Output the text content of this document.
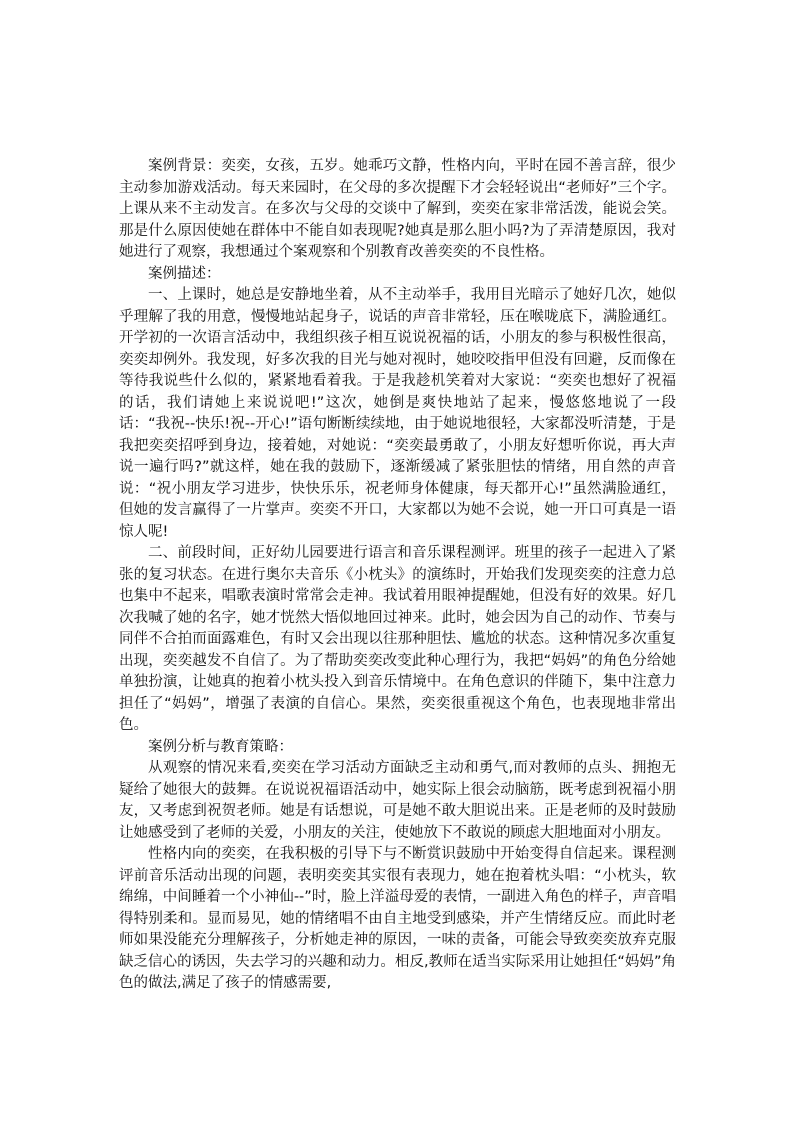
案例背景：奕奕，女孩，五岁。她乖巧文静，性格内向，平时在园不善言辞，很少主动参加游戏活动。每天来园时，在父母的多次提醒下才会轻轻说出“老师好”三个字。上课从来不主动发言。在多次与父母的交谈中了解到，奕奕在家非常活泼，能说会笑。那是什么原因使她在群体中不能自如表现呢?她真是那么胆小吗?为了弄清楚原因，我对她进行了观察，我想通过个案观察和个别教育改善奕奕的不良性格。

案例描述：

一、上课时，她总是安静地坐着，从不主动举手，我用目光暗示了她好几次，她似乎理解了我的用意，慢慢地站起身子，说话的声音非常轻，压在喉咙底下，满脸通红。开学初的一次语言活动中，我组织孩子相互说说祝福的话，小朋友的参与积极性很高，奕奕却例外。我发现，好多次我的目光与她对视时，她咬咬指甲但没有回避，反而像在等待我说些什么似的，紧紧地看着我。于是我趁机笑着对大家说：“奕奕也想好了祝福的话，我们请她上来说说吧!”这次，她倒是爽快地站了起来，慢悠悠地说了一段话：“我祝--快乐!祝--开心!”语句断断续续地，由于她说地很轻，大家都没听清楚，于是我把奕奕招呼到身边，接着她，对她说：“奕奕最勇敢了，小朋友好想听你说，再大声说一遍行吗?”就这样，她在我的鼓励下，逐渐缓减了紧张胆怯的情绪，用自然的声音说：“祝小朋友学习进步，快快乐乐，祝老师身体健康，每天都开心!”虽然满脸通红，但她的发言赢得了一片掌声。奕奕不开口，大家都以为她不会说，她一开口可真是一语惊人呢!

二、前段时间，正好幼儿园要进行语言和音乐课程测评。班里的孩子一起进入了紧张的复习状态。在进行奥尔夫音乐《小枕头》的演练时，开始我们发现奕奕的注意力总也集中不起来，唱歌表演时常常会走神。我试着用眼神提醒她，但没有好的效果。好几次我喊了她的名字，她才恍然大悟似地回过神来。此时，她会因为自己的动作、节奏与同伴不合拍而面露难色，有时又会出现以往那种胆怯、尴尬的状态。这种情况多次重复出现，奕奕越发不自信了。为了帮助奕奕改变此种心理行为，我把“妈妈”的角色分给她单独扮演，让她真的抱着小枕头投入到音乐情境中。在角色意识的伴随下，集中注意力担任了“妈妈”，增强了表演的自信心。果然，奕奕很重视这个角色，也表现地非常出色。

案例分析与教育策略：

从观察的情况来看,奕奕在学习活动方面缺乏主动和勇气,而对教师的点头、拥抱无疑给了她很大的鼓舞。在说说祝福语活动中，她实际上很会动脑筋，既考虑到祝福小朋友，又考虑到祝贺老师。她是有话想说，可是她不敢大胆说出来。正是老师的及时鼓励让她感受到了老师的关爱，小朋友的关注，使她放下不敢说的顾虑大胆地面对小朋友。

性格内向的奕奕，在我积极的引导下与不断赏识鼓励中开始变得自信起来。课程测评前音乐活动出现的问题，表明奕奕其实很有表现力，她在抱着枕头唱：“小枕头，软绵绵，中间睡着一个小神仙--”时，脸上洋溢母爱的表情，一副进入角色的样子，声音唱得特别柔和。显而易见，她的情绪唱不由自主地受到感染，并产生情绪反应。而此时老师如果没能充分理解孩子，分析她走神的原因，一味的责备，可能会导致奕奕放弃克服缺乏信心的诱因，失去学习的兴趣和动力。相反,教师在适当实际采用让她担任“妈妈”角色的做法,满足了孩子的情感需要,
